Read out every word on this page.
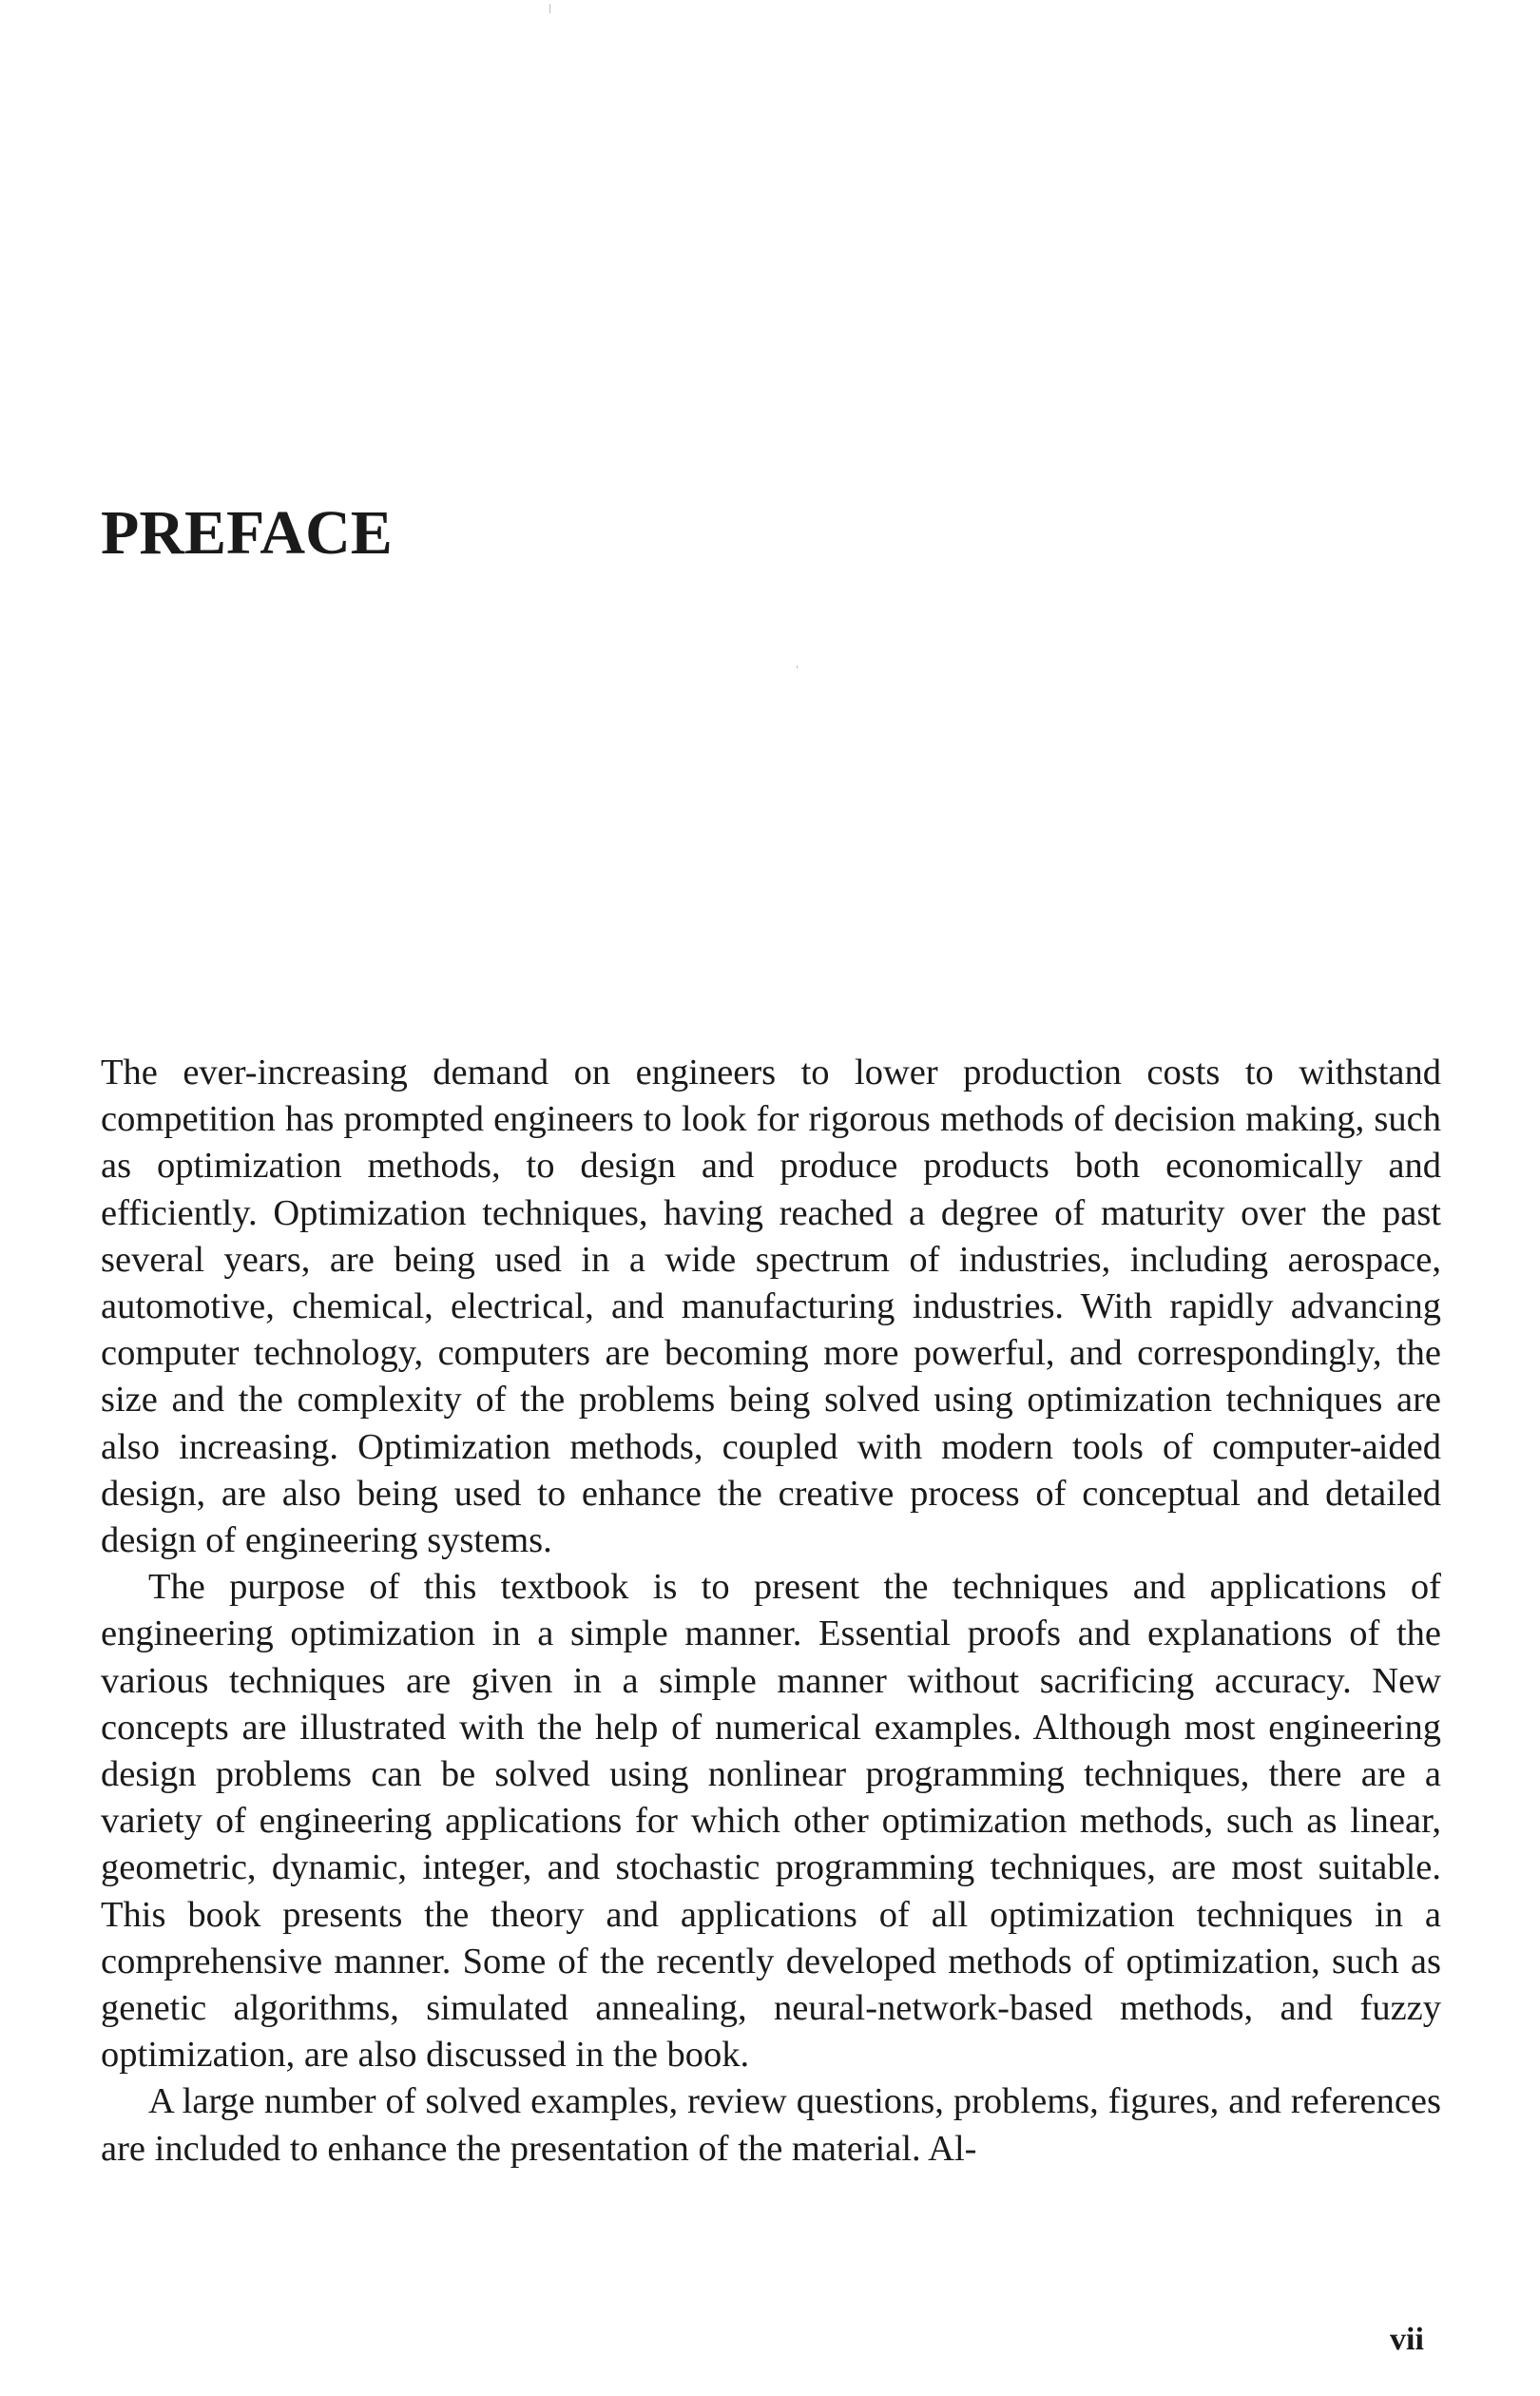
PREFACE

The ever-increasing demand on engineers to lower production costs to withstand competition has prompted engineers to look for rigorous methods of decision making, such as optimization methods, to design and produce products both economically and efficiently. Optimization techniques, having reached a degree of maturity over the past several years, are being used in a wide spectrum of industries, including aerospace, automotive, chemical, electrical, and manufacturing industries. With rapidly advancing computer technology, computers are becoming more powerful, and correspondingly, the size and the complexity of the problems being solved using optimization techniques are also increasing. Optimization methods, coupled with modern tools of computer-aided design, are also being used to enhance the creative process of conceptual and detailed design of engineering systems.

The purpose of this textbook is to present the techniques and applications of engineering optimization in a simple manner. Essential proofs and explanations of the various techniques are given in a simple manner without sacrificing accuracy. New concepts are illustrated with the help of numerical examples. Although most engineering design problems can be solved using nonlinear programming techniques, there are a variety of engineering applications for which other optimization methods, such as linear, geometric, dynamic, integer, and stochastic programming techniques, are most suitable. This book presents the theory and applications of all optimization techniques in a comprehensive manner. Some of the recently developed methods of optimization, such as genetic algorithms, simulated annealing, neural-network-based methods, and fuzzy optimization, are also discussed in the book.

A large number of solved examples, review questions, problems, figures, and references are included to enhance the presentation of the material. Al-

vii
